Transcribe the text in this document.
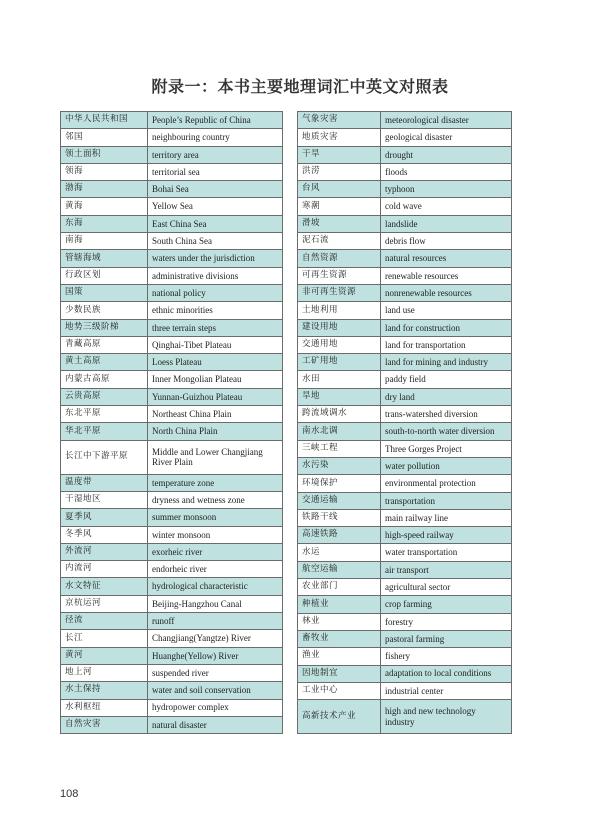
附录一：本书主要地理词汇中英文对照表
中华人民共和国	People’s Republic of China
邻国	neighbouring country
领土面积	territory area
领海	territorial sea
渤海	Bohai Sea
黄海	Yellow Sea
东海	East China Sea
南海	South China Sea
管辖海域	waters under the jurisdiction
行政区划	administrative divisions
国策	national policy
少数民族	ethnic minorities
地势三级阶梯	three terrain steps
青藏高原	Qinghai-Tibet Plateau
黄土高原	Loess Plateau
内蒙古高原	Inner Mongolian Plateau
云贵高原	Yunnan-Guizhou Plateau
东北平原	Northeast China Plain
华北平原	North China Plain
长江中下游平原	Middle and Lower Changjiang River Plain
温度带	temperature zone
干湿地区	dryness and wetness zone
夏季风	summer monsoon
冬季风	winter monsoon
外流河	exorheic river
内流河	endorheic river
水文特征	hydrological characteristic
京杭运河	Beijing-Hangzhou Canal
径流	runoff
长江	Changjiang(Yangtze) River
黄河	Huanghe(Yellow) River
地上河	suspended river
水土保持	water and soil conservation
水利枢纽	hydropower complex
自然灾害	natural disaster
气象灾害	meteorological disaster
地质灾害	geological disaster
干旱	drought
洪涝	floods
台风	typhoon
寒潮	cold wave
滑坡	landslide
泥石流	debris flow
自然资源	natural resources
可再生资源	renewable resources
非可再生资源	nonrenewable resources
土地利用	land use
建设用地	land for construction
交通用地	land for transportation
工矿用地	land for mining and industry
水田	paddy field
旱地	dry land
跨流域调水	trans-watershed diversion
南水北调	south-to-north water diversion
三峡工程	Three Gorges Project
水污染	water pollution
环境保护	environmental protection
交通运输	transportation
铁路干线	main railway line
高速铁路	high-speed railway
水运	water transportation
航空运输	air transport
农业部门	agricultural sector
种植业	crop farming
林业	forestry
畜牧业	pastoral farming
渔业	fishery
因地制宜	adaptation to local conditions
工业中心	industrial center
高新技术产业	high and new technology industry
108
